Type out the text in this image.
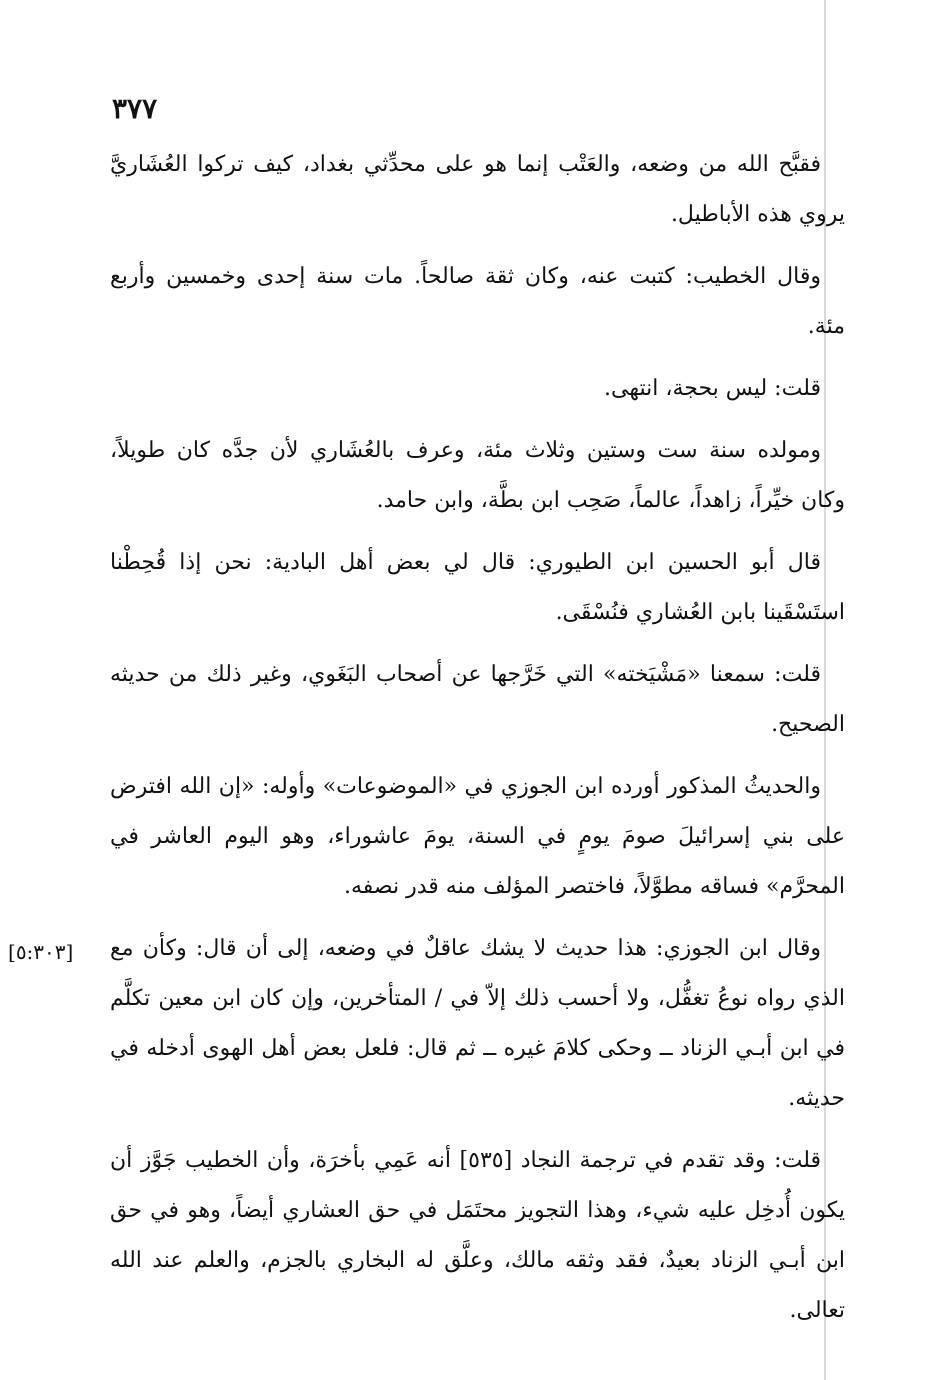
٣٧٧
[٥:٣٠٣]

فقبَّح الله من وضعه، والعَتْب إنما هو على محدِّثي بغداد، كيف تركوا العُشَاريَّ يروي هذه الأباطيل.

وقال الخطيب: كتبت عنه، وكان ثقة صالحاً. مات سنة إحدى وخمسين وأربع مئة.

قلت: ليس بحجة، انتهى.

ومولده سنة ست وستين وثلاث مئة، وعرف بالعُشَاري لأن جدَّه كان طويلاً، وكان خيِّراً، زاهداً، عالماً، صَحِب ابن بطَّة، وابن حامد.

قال أبو الحسين ابن الطيوري: قال لي بعض أهل البادية: نحن إذا قُحِطْنا استَسْقَينا بابن العُشاري فنُسْقَى.

قلت: سمعنا «مَشْيَخته» التي خَرَّجها عن أصحاب البَغَوي، وغير ذلك من حديثه الصحيح.

والحديثُ المذكور أورده ابن الجوزي في «الموضوعات» وأوله: «إن الله افترض على بني إسرائيلَ صومَ يومٍ في السنة، يومَ عاشوراء، وهو اليوم العاشر في المحرَّم» فساقه مطوَّلاً، فاختصر المؤلف منه قدر نصفه.

وقال ابن الجوزي: هذا حديث لا يشك عاقلٌ في وضعه، إلى أن قال: وكأن مع الذي رواه نوعُ تغفُّل، ولا أحسب ذلك إلاّ في / المتأخرين، وإن كان ابن معين تكلَّم في ابن أبـي الزناد ــ وحكى كلامَ غيره ــ ثم قال: فلعل بعض أهل الهوى أدخله في حديثه.

قلت: وقد تقدم في ترجمة النجاد [٥٣٥] أنه عَمِي بأخرَة، وأن الخطيب جَوَّز أن يكون أُدخِل عليه شيء، وهذا التجويز محتَمَل في حق العشاري أيضاً، وهو في حق ابن أبـي الزناد بعيدٌ، فقد وثقه مالك، وعلَّق له البخاري بالجزم، والعلم عند الله تعالى.
